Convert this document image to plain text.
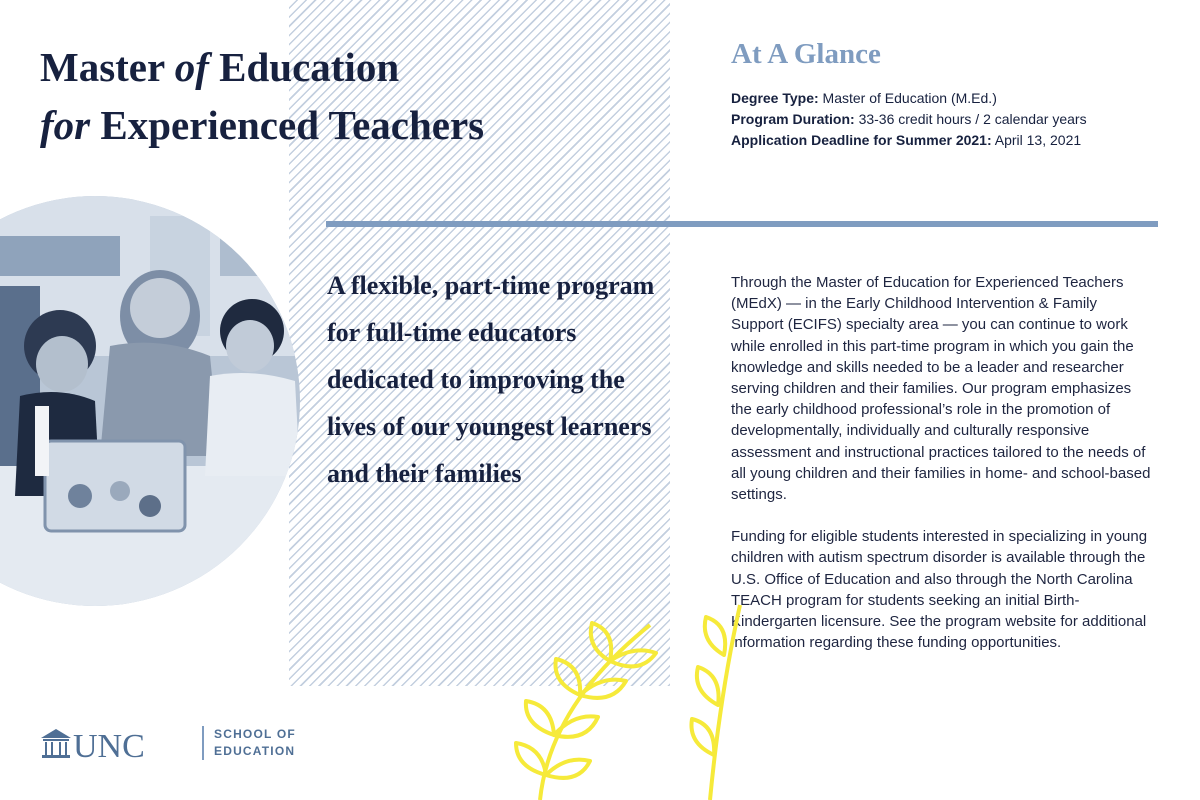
Master of Education
for Experienced Teachers
At A Glance
Degree Type: Master of Education (M.Ed.)
Program Duration: 33-36 credit hours / 2 calendar years
Application Deadline for Summer 2021: April 13, 2021

A flexible, part-time program for full-time educators dedicated to improving the lives of our youngest learners and their families

Through the Master of Education for Experienced Teachers (MEdX) — in the Early Childhood Intervention & Family Support (ECIFS) specialty area — you can continue to work while enrolled in this part-time program in which you gain the knowledge and skills needed to be a leader and researcher serving children and their families. Our program emphasizes the early childhood professional’s role in the promotion of developmentally, individually and culturally responsive assessment and instructional practices tailored to the needs of all young children and their families in home- and school-based settings.

Funding for eligible students interested in specializing in young children with autism spectrum disorder is available through the U.S. Office of Education and also through the North Carolina TEACH program for students seeking an initial Birth-Kindergarten licensure. See the program website for additional information regarding these funding opportunities.

UNC	SCHOOL OF
EDUCATION
